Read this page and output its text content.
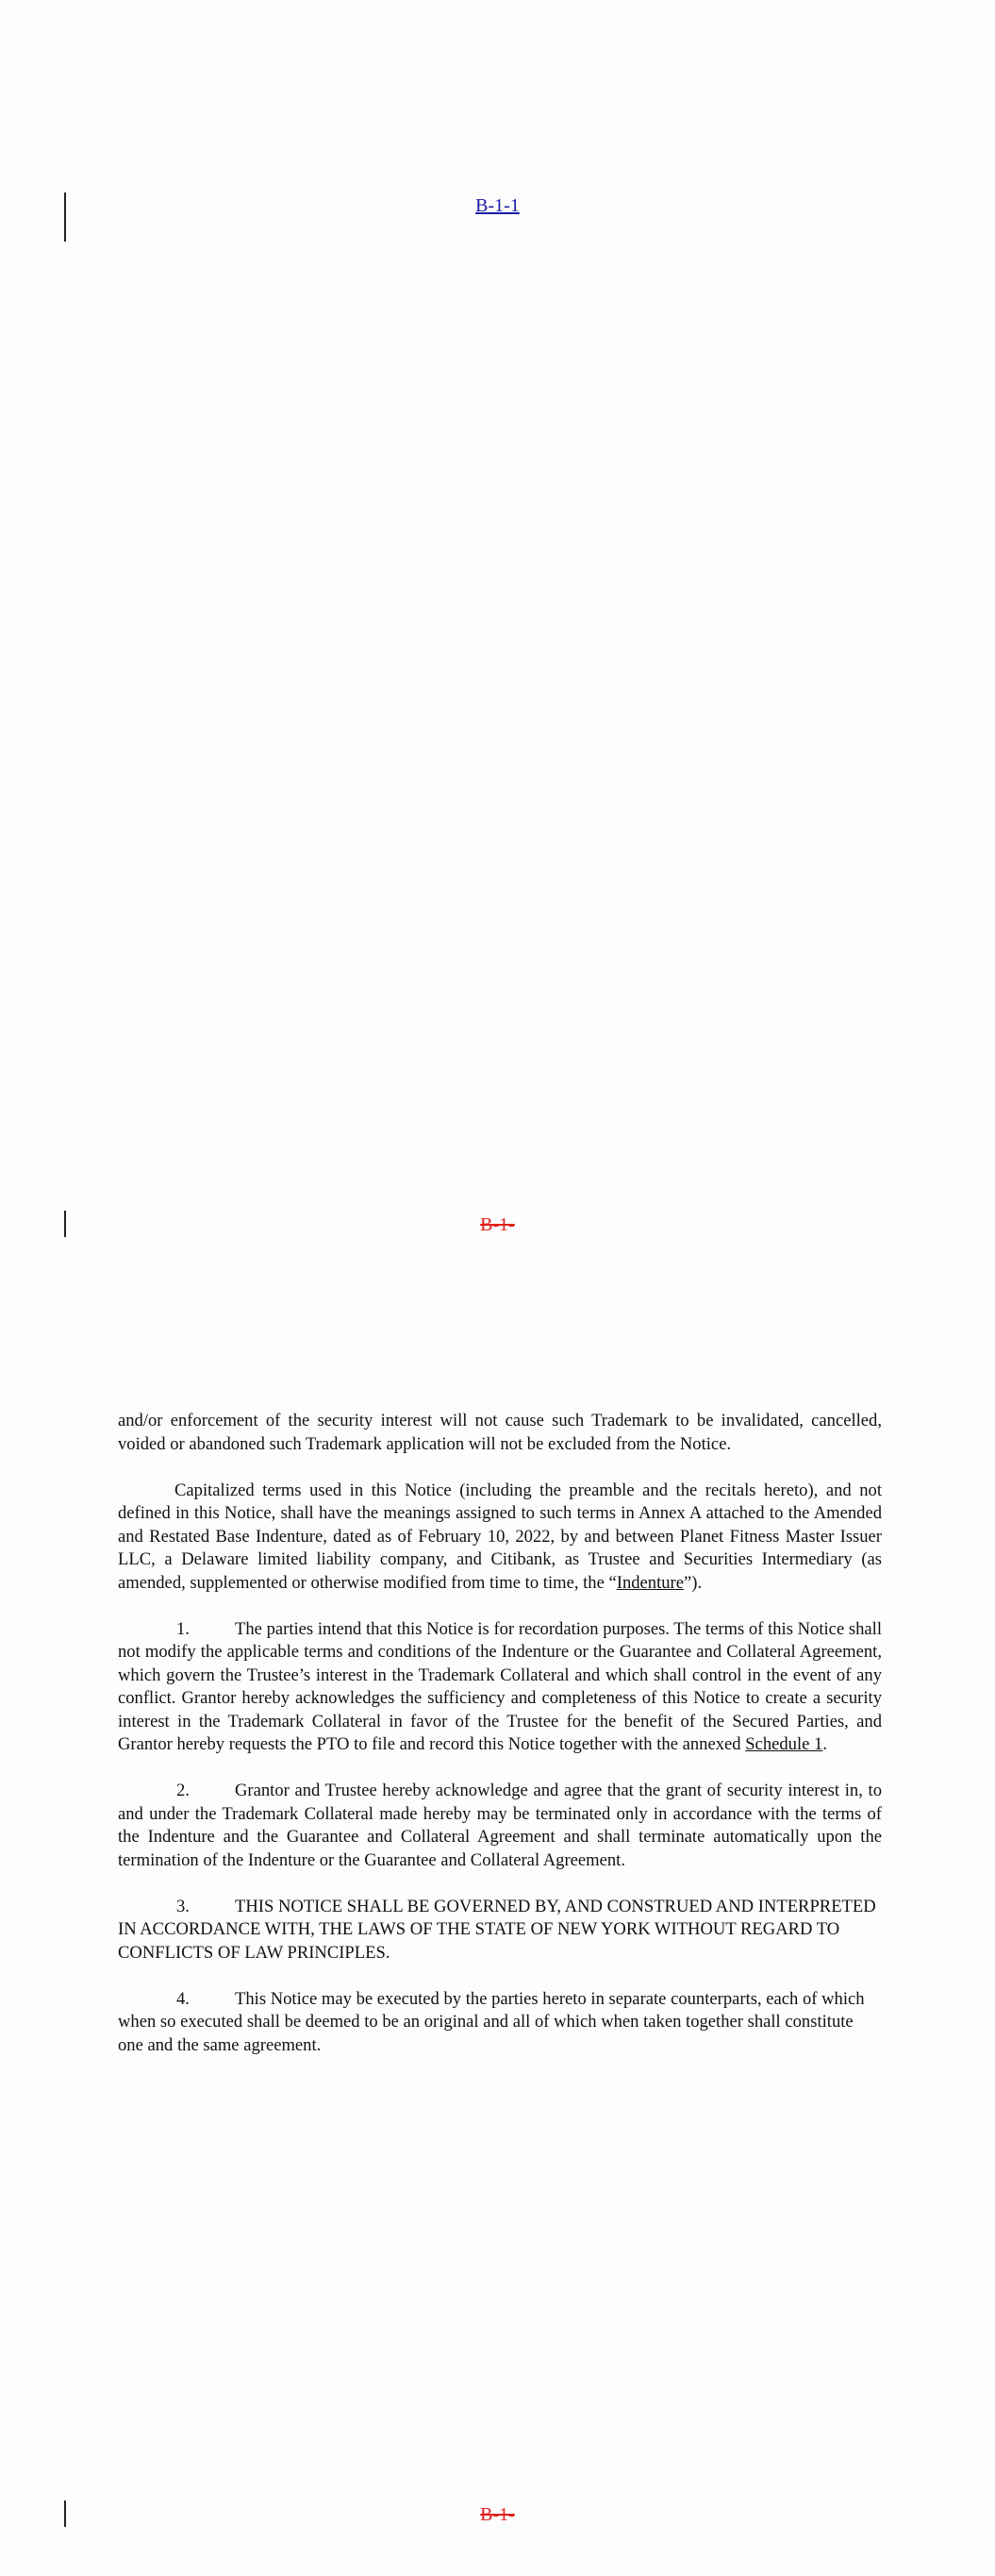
B-1-1
B-1-
B-1-

and/or enforcement of the security interest will not cause such Trademark to be invalidated, cancelled, voided or abandoned such Trademark application will not be excluded from the Notice.

Capitalized terms used in this Notice (including the preamble and the recitals hereto), and not defined in this Notice, shall have the meanings assigned to such terms in Annex A attached to the Amended and Restated Base Indenture, dated as of February 10, 2022, by and between Planet Fitness Master Issuer LLC, a Delaware limited liability company, and Citibank, as Trustee and Securities Intermediary (as amended, supplemented or otherwise modified from time to time, the “Indenture”).

1.	The parties intend that this Notice is for recordation purposes. The terms of this Notice shall not modify the applicable terms and conditions of the Indenture or the Guarantee and Collateral Agreement, which govern the Trustee’s interest in the Trademark Collateral and which shall control in the event of any conflict. Grantor hereby acknowledges the sufficiency and completeness of this Notice to create a security interest in the Trademark Collateral in favor of the Trustee for the benefit of the Secured Parties, and Grantor hereby requests the PTO to file and record this Notice together with the annexed Schedule 1.

2.	Grantor and Trustee hereby acknowledge and agree that the grant of security interest in, to and under the Trademark Collateral made hereby may be terminated only in accordance with the terms of the Indenture and the Guarantee and Collateral Agreement and shall terminate automatically upon the termination of the Indenture or the Guarantee and Collateral Agreement.

3.	THIS NOTICE SHALL BE GOVERNED BY, AND CONSTRUED AND INTERPRETED IN ACCORDANCE WITH, THE LAWS OF THE STATE OF NEW YORK WITHOUT REGARD TO CONFLICTS OF LAW PRINCIPLES.

4.	This Notice may be executed by the parties hereto in separate counterparts, each of which when so executed shall be deemed to be an original and all of which when taken together shall constitute one and the same agreement.
